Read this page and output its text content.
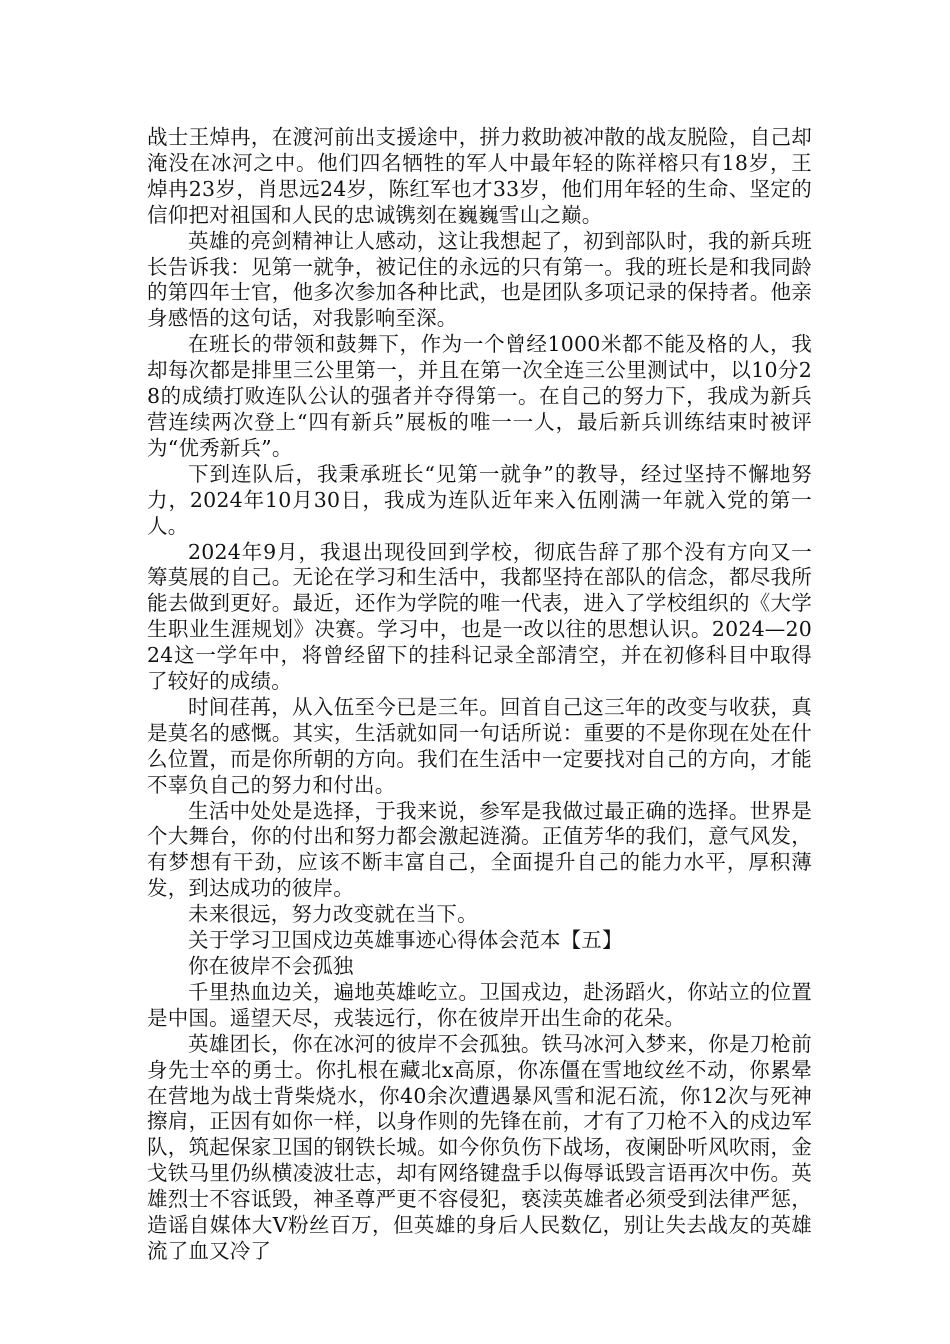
战士王焯冉，在渡河前出支援途中，拼力救助被冲散的战友脱险，自己却淹没在冰河之中。他们四名牺牲的军人中最年轻的陈祥榕只有18岁，王焯冉23岁，肖思远24岁，陈红军也才33岁，他们用年轻的生命、坚定的信仰把对祖国和人民的忠诚镌刻在巍巍雪山之巅。

英雄的亮剑精神让人感动，这让我想起了，初到部队时，我的新兵班长告诉我：见第一就争，被记住的永远的只有第一。我的班长是和我同龄的第四年士官，他多次参加各种比武，也是团队多项记录的保持者。他亲身感悟的这句话，对我影响至深。

在班长的带领和鼓舞下，作为一个曾经1000米都不能及格的人，我却每次都是排里三公里第一，并且在第一次全连三公里测试中，以10分28的成绩打败连队公认的强者并夺得第一。在自己的努力下，我成为新兵营连续两次登上“四有新兵”展板的唯一一人，最后新兵训练结束时被评为“优秀新兵”。

下到连队后，我秉承班长“见第一就争”的教导，经过坚持不懈地努力，2024年10月30日，我成为连队近年来入伍刚满一年就入党的第一人。

2024年9月，我退出现役回到学校，彻底告辞了那个没有方向又一筹莫展的自己。无论在学习和生活中，我都坚持在部队的信念，都尽我所能去做到更好。最近，还作为学院的唯一代表，进入了学校组织的《大学生职业生涯规划》决赛。学习中，也是一改以往的思想认识。2024—2024这一学年中，将曾经留下的挂科记录全部清空，并在初修科目中取得了较好的成绩。

时间荏苒，从入伍至今已是三年。回首自己这三年的改变与收获，真是莫名的感慨。其实，生活就如同一句话所说：重要的不是你现在处在什么位置，而是你所朝的方向。我们在生活中一定要找对自己的方向，才能不辜负自己的努力和付出。

生活中处处是选择，于我来说，参军是我做过最正确的选择。世界是个大舞台，你的付出和努力都会激起涟漪。正值芳华的我们，意气风发，有梦想有干劲，应该不断丰富自己，全面提升自己的能力水平，厚积薄发，到达成功的彼岸。

未来很远，努力改变就在当下。

关于学习卫国戍边英雄事迹心得体会范本【五】

你在彼岸不会孤独

千里热血边关，遍地英雄屹立。卫国戎边，赴汤蹈火，你站立的位置是中国。遥望天尽，戎装远行，你在彼岸开出生命的花朵。

英雄团长，你在冰河的彼岸不会孤独。铁马冰河入梦来，你是刀枪前身先士卒的勇士。你扎根在藏北x高原，你冻僵在雪地纹丝不动，你累晕在营地为战士背柴烧水，你40余次遭遇暴风雪和泥石流，你12次与死神擦肩，正因有如你一样，以身作则的先锋在前，才有了刀枪不入的戍边军队，筑起保家卫国的钢铁长城。如今你负伤下战场，夜阑卧听风吹雨，金戈铁马里仍纵横凌波壮志，却有网络键盘手以侮辱诋毁言语再次中伤。英雄烈士不容诋毁，神圣尊严更不容侵犯，亵渎英雄者必须受到法律严惩，造谣自媒体大V粉丝百万，但英雄的身后人民数亿，别让失去战友的英雄流了血又冷了
